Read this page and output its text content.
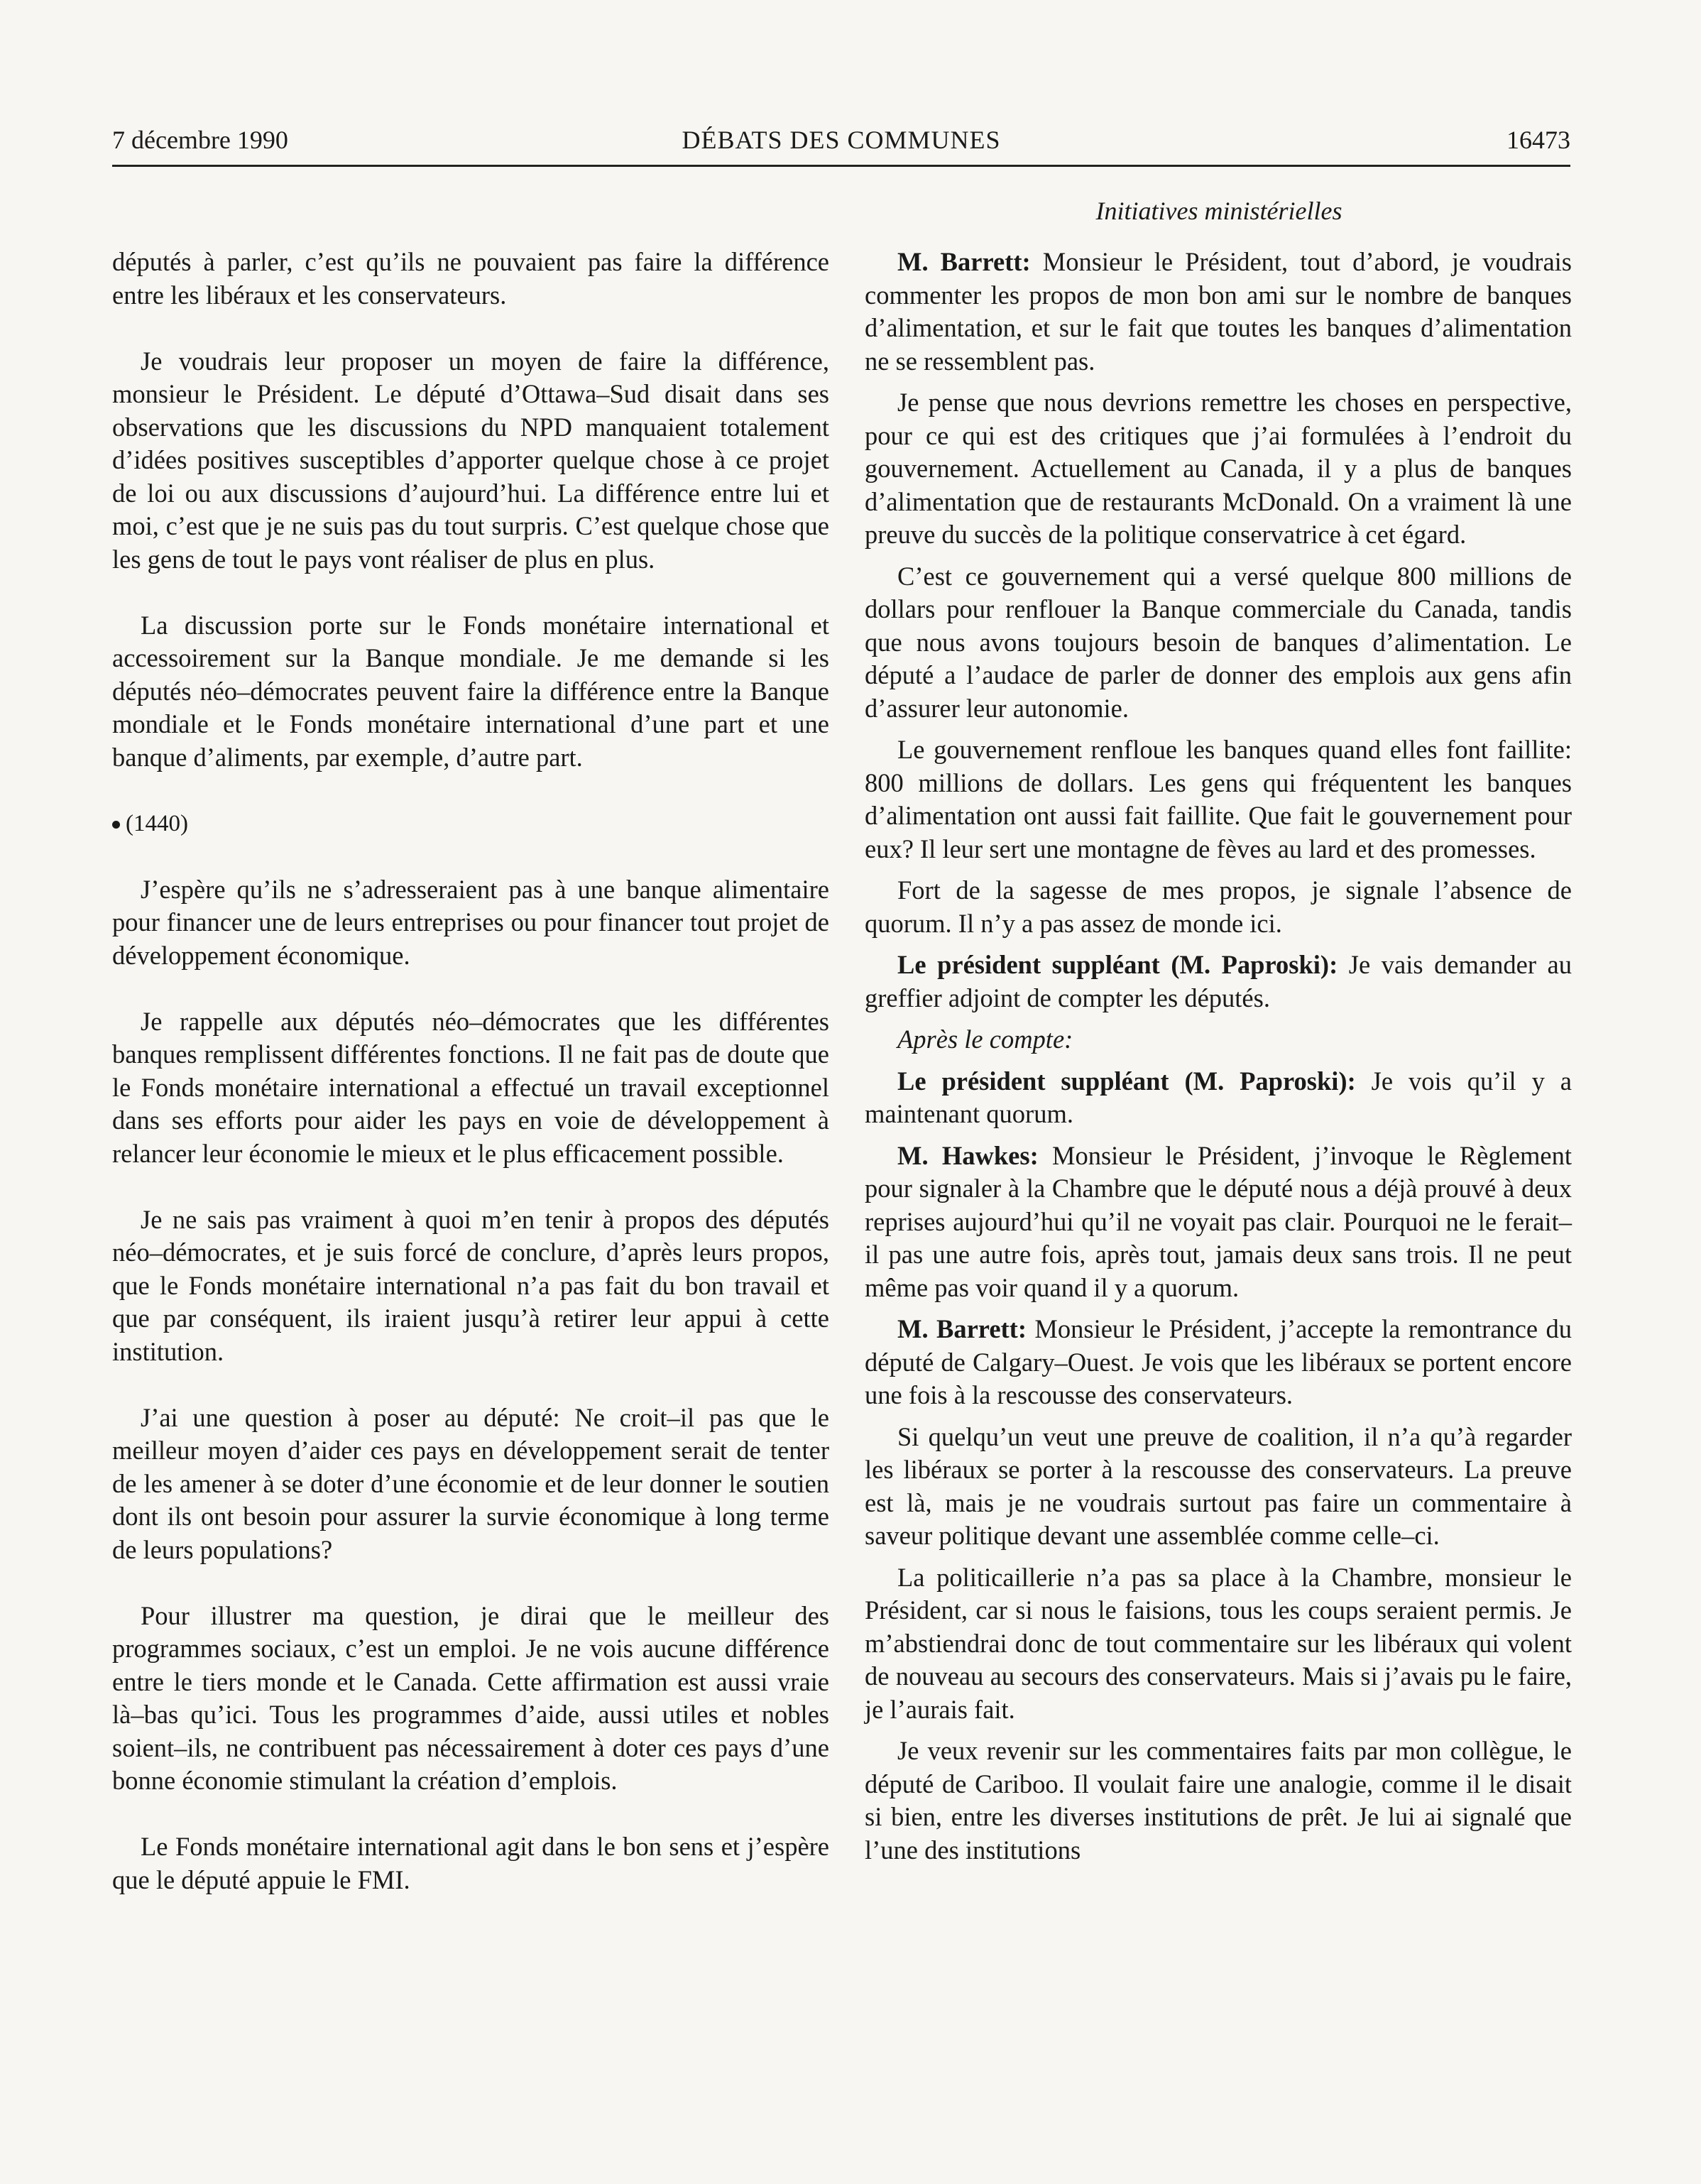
7 décembre 1990	DÉBATS DES COMMUNES	16473
Initiatives ministérielles

députés à parler, c’est qu’ils ne pouvaient pas faire la différence entre les libéraux et les conservateurs.

Je voudrais leur proposer un moyen de faire la différence, monsieur le Président. Le député d’Ottawa–Sud disait dans ses observations que les discussions du NPD manquaient totalement d’idées positives susceptibles d’apporter quelque chose à ce projet de loi ou aux discussions d’aujourd’hui. La différence entre lui et moi, c’est que je ne suis pas du tout surpris. C’est quelque chose que les gens de tout le pays vont réaliser de plus en plus.

La discussion porte sur le Fonds monétaire international et accessoirement sur la Banque mondiale. Je me demande si les députés néo–démocrates peuvent faire la différence entre la Banque mondiale et le Fonds monétaire international d’une part et une banque d’aliments, par exemple, d’autre part.

(1440)

J’espère qu’ils ne s’adresseraient pas à une banque alimentaire pour financer une de leurs entreprises ou pour financer tout projet de développement économique.

Je rappelle aux députés néo–démocrates que les différentes banques remplissent différentes fonctions. Il ne fait pas de doute que le Fonds monétaire international a effectué un travail exceptionnel dans ses efforts pour aider les pays en voie de développement à relancer leur économie le mieux et le plus efficacement possible.

Je ne sais pas vraiment à quoi m’en tenir à propos des députés néo–démocrates, et je suis forcé de conclure, d’après leurs propos, que le Fonds monétaire international n’a pas fait du bon travail et que par conséquent, ils iraient jusqu’à retirer leur appui à cette institution.

J’ai une question à poser au député: Ne croit–il pas que le meilleur moyen d’aider ces pays en développement serait de tenter de les amener à se doter d’une économie et de leur donner le soutien dont ils ont besoin pour assurer la survie économique à long terme de leurs populations?

Pour illustrer ma question, je dirai que le meilleur des programmes sociaux, c’est un emploi. Je ne vois aucune différence entre le tiers monde et le Canada. Cette affirmation est aussi vraie là–bas qu’ici. Tous les programmes d’aide, aussi utiles et nobles soient–ils, ne contribuent pas nécessairement à doter ces pays d’une bonne économie stimulant la création d’emplois.

Le Fonds monétaire international agit dans le bon sens et j’espère que le député appuie le FMI.

M. Barrett: Monsieur le Président, tout d’abord, je voudrais commenter les propos de mon bon ami sur le nombre de banques d’alimentation, et sur le fait que toutes les banques d’alimentation ne se ressemblent pas.

Je pense que nous devrions remettre les choses en perspective, pour ce qui est des critiques que j’ai formulées à l’endroit du gouvernement. Actuellement au Canada, il y a plus de banques d’alimentation que de restaurants McDonald. On a vraiment là une preuve du succès de la politique conservatrice à cet égard.

C’est ce gouvernement qui a versé quelque 800 millions de dollars pour renflouer la Banque commerciale du Canada, tandis que nous avons toujours besoin de banques d’alimentation. Le député a l’audace de parler de donner des emplois aux gens afin d’assurer leur autonomie.

Le gouvernement renfloue les banques quand elles font faillite: 800 millions de dollars. Les gens qui fréquentent les banques d’alimentation ont aussi fait faillite. Que fait le gouvernement pour eux? Il leur sert une montagne de fèves au lard et des promesses.

Fort de la sagesse de mes propos, je signale l’absence de quorum. Il n’y a pas assez de monde ici.

Le président suppléant (M. Paproski): Je vais demander au greffier adjoint de compter les députés.

Après le compte:

Le président suppléant (M. Paproski): Je vois qu’il y a maintenant quorum.

M. Hawkes: Monsieur le Président, j’invoque le Règlement pour signaler à la Chambre que le député nous a déjà prouvé à deux reprises aujourd’hui qu’il ne voyait pas clair. Pourquoi ne le ferait–il pas une autre fois, après tout, jamais deux sans trois. Il ne peut même pas voir quand il y a quorum.

M. Barrett: Monsieur le Président, j’accepte la remontrance du député de Calgary–Ouest. Je vois que les libéraux se portent encore une fois à la rescousse des conservateurs.

Si quelqu’un veut une preuve de coalition, il n’a qu’à regarder les libéraux se porter à la rescousse des conservateurs. La preuve est là, mais je ne voudrais surtout pas faire un commentaire à saveur politique devant une assemblée comme celle–ci.

La politicaillerie n’a pas sa place à la Chambre, monsieur le Président, car si nous le faisions, tous les coups seraient permis. Je m’abstiendrai donc de tout commentaire sur les libéraux qui volent de nouveau au secours des conservateurs. Mais si j’avais pu le faire, je l’aurais fait.

Je veux revenir sur les commentaires faits par mon collègue, le député de Cariboo. Il voulait faire une analogie, comme il le disait si bien, entre les diverses institutions de prêt. Je lui ai signalé que l’une des institutions
